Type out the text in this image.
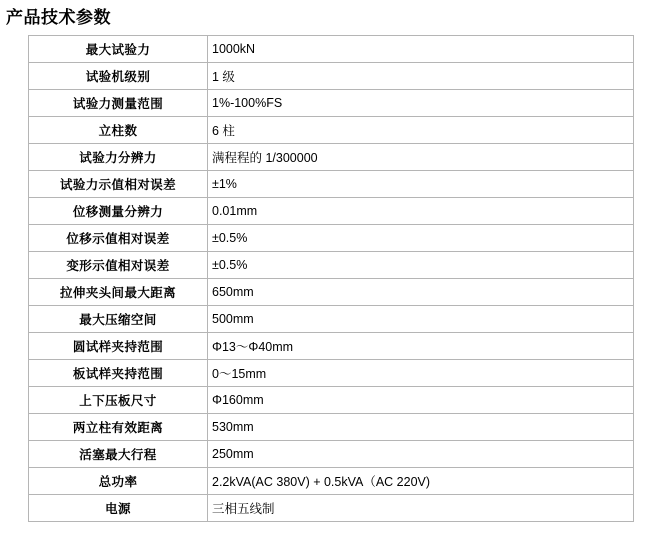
产品技术参数
最大试验力	1000kN
试验机级别	1 级
试验力测量范围	1%-100%FS
立柱数	6 柱
试验力分辨力	满程程的 1/300000
试验力示值相对误差	±1%
位移测量分辨力	0.01mm
位移示值相对误差	±0.5%
变形示值相对误差	±0.5%
拉伸夹头间最大距离	650mm
最大压缩空间	500mm
圆试样夹持范围	Φ13～Φ40mm
板试样夹持范围	0～15mm
上下压板尺寸	Φ160mm
两立柱有效距离	530mm
活塞最大行程	250mm
总功率	2.2kVA(AC 380V) + 0.5kVA（AC 220V)
电源	三相五线制
